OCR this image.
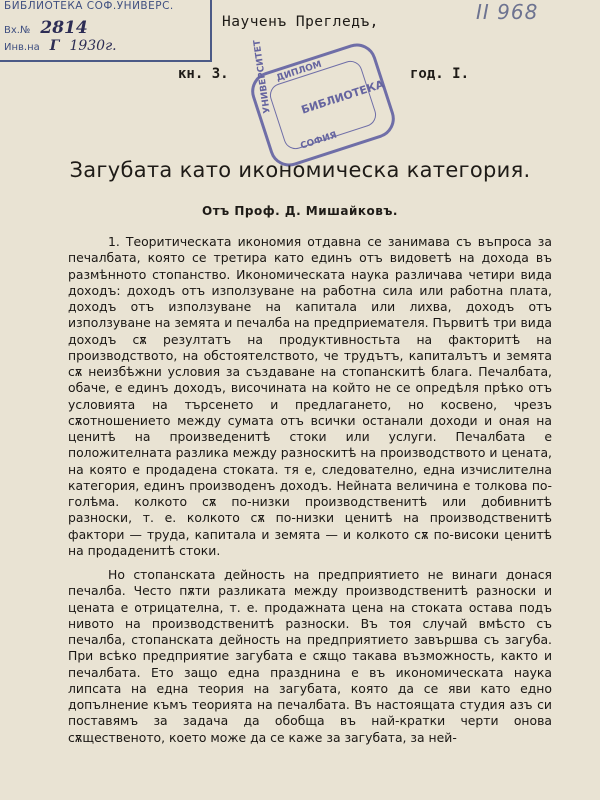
БИБЛИОТЕКА СОФ.УНИВЕРС.
Вх.№ 2814
Инв.на Г 1930г.
ДИПЛОМ
УНИВЕРСИТЕТ БИБЛИОТЕКА
СОФИЯ
II 968
Наученъ Прегледъ,
кн. 3.	год. I.
Загубата като икономическа категория.
Отъ Проф. Д. Мишайковъ.

1. Теоритическата икономия отдавна се занимава съ въпроса за печалбата, която се третира като единъ отъ видоветѣ на дохода въ размѣнното стопанство. Икономическата наука различава четири вида доходъ: доходъ отъ използуване на работна сила или работна плата, доходъ отъ използуване на капитала или лихва, доходъ отъ използуване на земята и печалба на предприемателя. Първитѣ три вида доходъ сѫ резултатъ на продуктивностьта на факторитѣ на производството, на обстоятелството, че трудътъ, капиталътъ и земята сѫ неизбѣжни условия за създаване на стопанскитѣ блага. Печалбата, обаче, е единъ доходъ, височината на който не се опредѣля прѣко отъ условията на търсенето и предлагането, но косвено, чрезъ сѫотношението между сумата отъ всички останали доходи и оная на ценитѣ на произведенитѣ стоки или услуги. Печалбата е положителната разлика между разноскитѣ на производството и цената, на която е продадена стоката. тя е, следователно, една изчислителна категория, единъ производенъ доходъ. Нейната величина е толкова по-голѣма. колкото сѫ по-низки производственитѣ или добивнитѣ разноски, т. е. колкото сѫ по-низки ценитѣ на производственитѣ фактори — труда, капитала и земята — и колкото сѫ по-високи ценитѣ на продаденитѣ стоки.

Но стопанската дейность на предприятието не винаги донася печалба. Често пѫти разликата между производственитѣ разноски и цената е отрицателна, т. е. продажната цена на стоката остава подъ нивото на производственитѣ разноски. Въ тоя случай вмѣсто съ печалба, стопанската дейность на предприятието завършва съ загуба. При всѣко предприятие загубата е сѫщо такава възможность, както и печалбата. Ето защо една празднина е въ икономическата наука липсата на една теория на загубата, която да се яви като едно допълнение къмъ теорията на печалбата. Въ настоящата студия азъ си поставямъ за задача да обобща въ най-кратки черти онова сѫщественото, което може да се каже за загубата, за ней-
